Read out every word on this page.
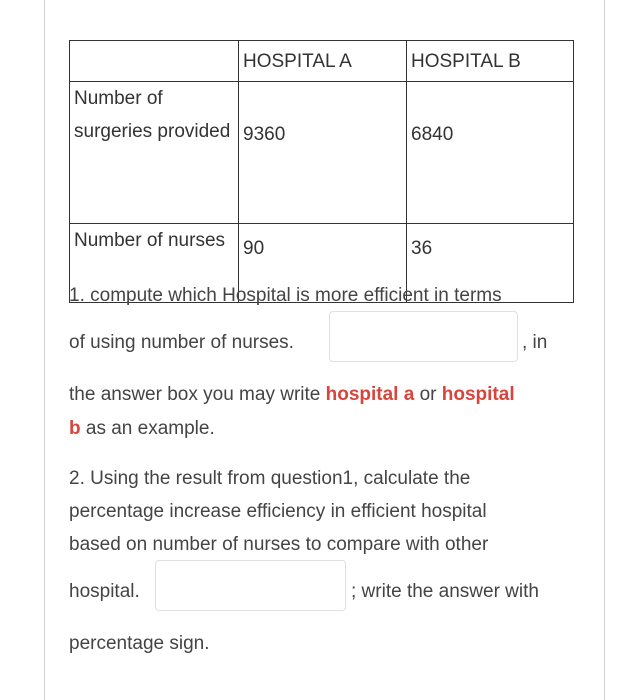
	HOSPITAL A	HOSPITAL B
Number of surgeries provided	9360	6840
Number of nurses	90	36

1. compute which Hospital is more efficient in terms

of using number of nurses.	, in

the answer box you may write hospital a or hospital

b as an example.

2. Using the result from question1, calculate the

percentage increase efficiency in efficient hospital

based on number of nurses to compare with other

hospital.	; write the answer with

percentage sign.
